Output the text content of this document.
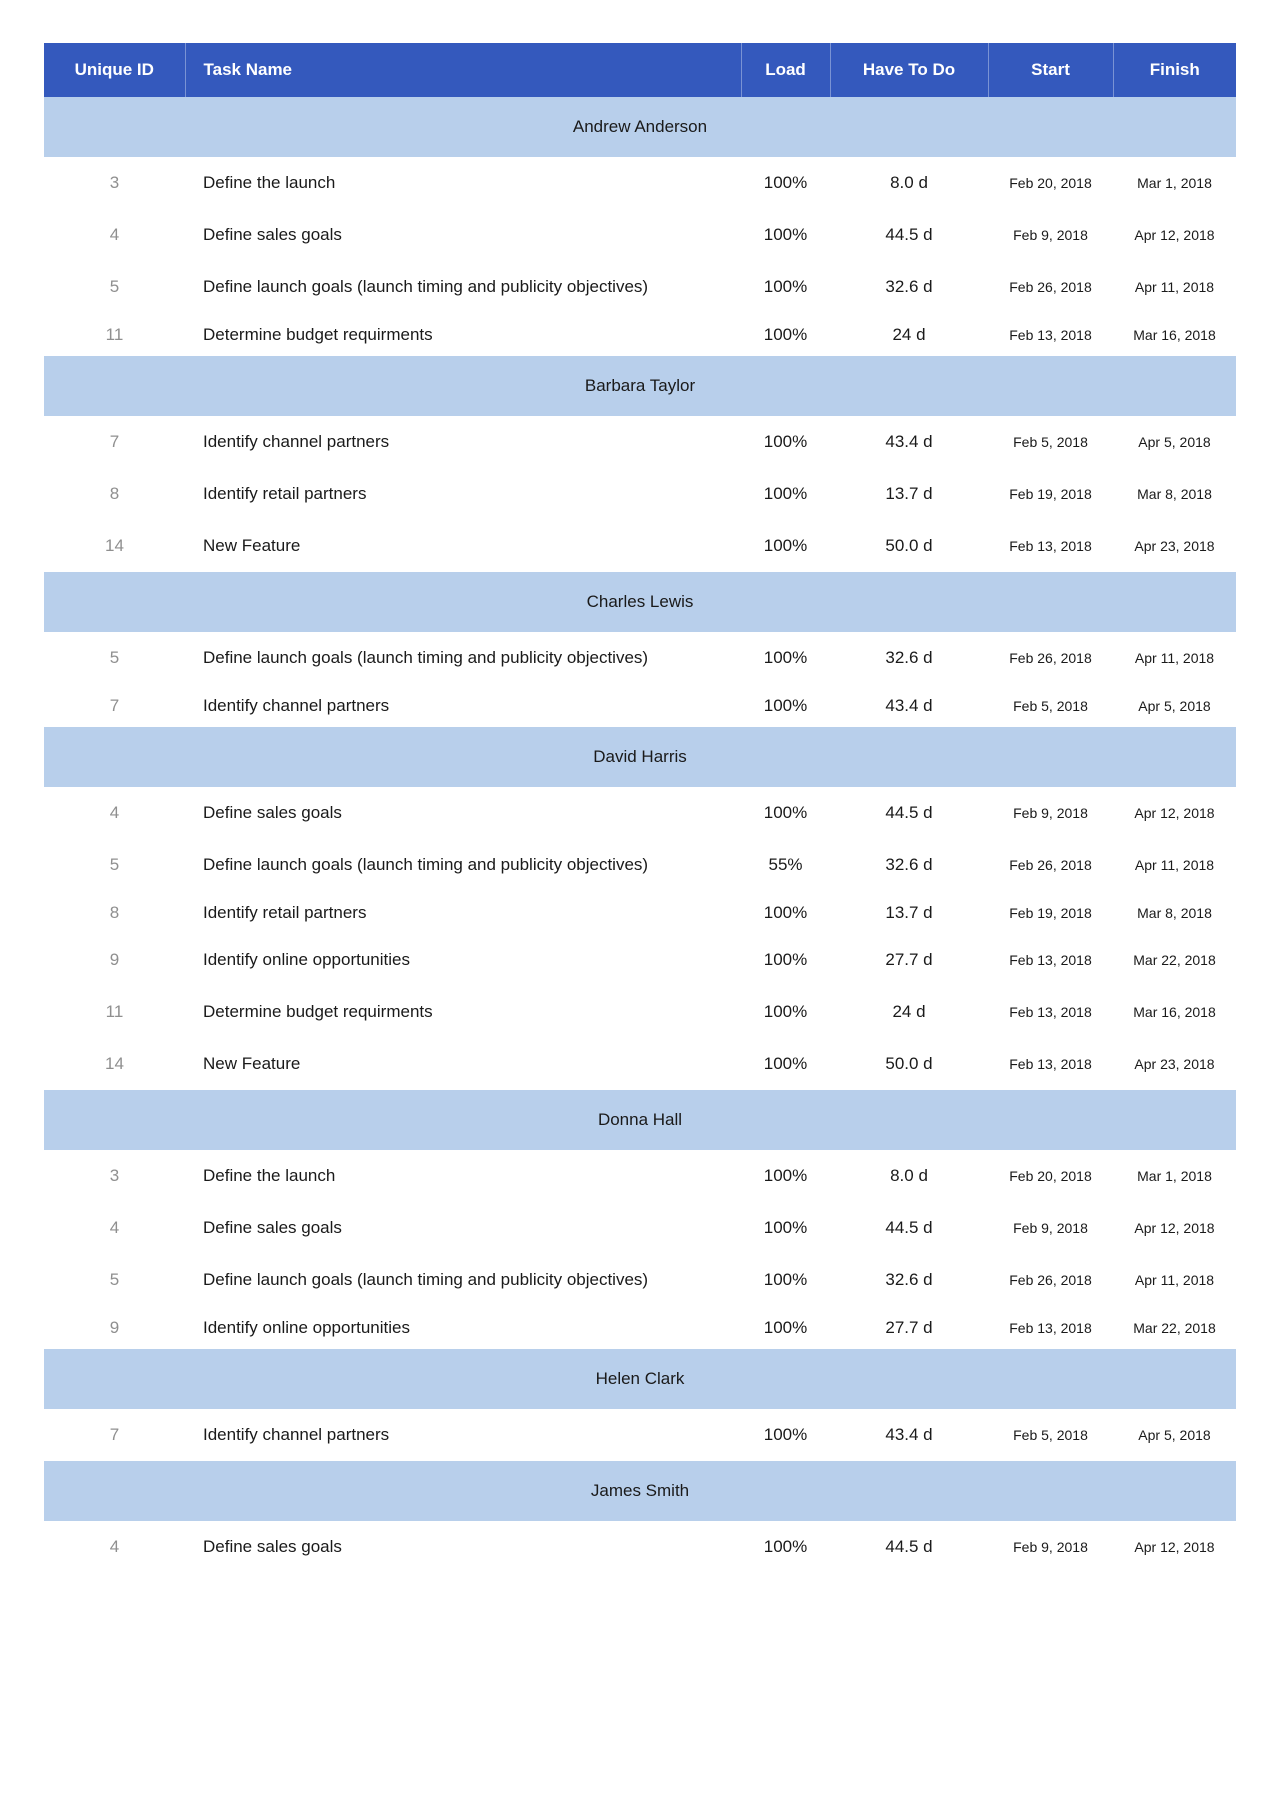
Unique ID	Task Name	Load	Have To Do	Start	Finish
Andrew Anderson					
3	Define the launch	100%	8.0 d	Feb 20, 2018	Mar 1, 2018
4	Define sales goals	100%	44.5 d	Feb 9, 2018	Apr 12, 2018
5	Define launch goals (launch timing and publicity objectives)	100%	32.6 d	Feb 26, 2018	Apr 11, 2018
11	Determine budget requirments	100%	24 d	Feb 13, 2018	Mar 16, 2018
Barbara Taylor					
7	Identify channel partners	100%	43.4 d	Feb 5, 2018	Apr 5, 2018
8	Identify retail partners	100%	13.7 d	Feb 19, 2018	Mar 8, 2018
14	New Feature	100%	50.0 d	Feb 13, 2018	Apr 23, 2018
Charles Lewis					
5	Define launch goals (launch timing and publicity objectives)	100%	32.6 d	Feb 26, 2018	Apr 11, 2018
7	Identify channel partners	100%	43.4 d	Feb 5, 2018	Apr 5, 2018
David Harris					
4	Define sales goals	100%	44.5 d	Feb 9, 2018	Apr 12, 2018
5	Define launch goals (launch timing and publicity objectives)	55%	32.6 d	Feb 26, 2018	Apr 11, 2018
8	Identify retail partners	100%	13.7 d	Feb 19, 2018	Mar 8, 2018
9	Identify online opportunities	100%	27.7 d	Feb 13, 2018	Mar 22, 2018
11	Determine budget requirments	100%	24 d	Feb 13, 2018	Mar 16, 2018
14	New Feature	100%	50.0 d	Feb 13, 2018	Apr 23, 2018
Donna Hall					
3	Define the launch	100%	8.0 d	Feb 20, 2018	Mar 1, 2018
4	Define sales goals	100%	44.5 d	Feb 9, 2018	Apr 12, 2018
5	Define launch goals (launch timing and publicity objectives)	100%	32.6 d	Feb 26, 2018	Apr 11, 2018
9	Identify online opportunities	100%	27.7 d	Feb 13, 2018	Mar 22, 2018
Helen Clark					
7	Identify channel partners	100%	43.4 d	Feb 5, 2018	Apr 5, 2018
James Smith					
4	Define sales goals	100%	44.5 d	Feb 9, 2018	Apr 12, 2018
